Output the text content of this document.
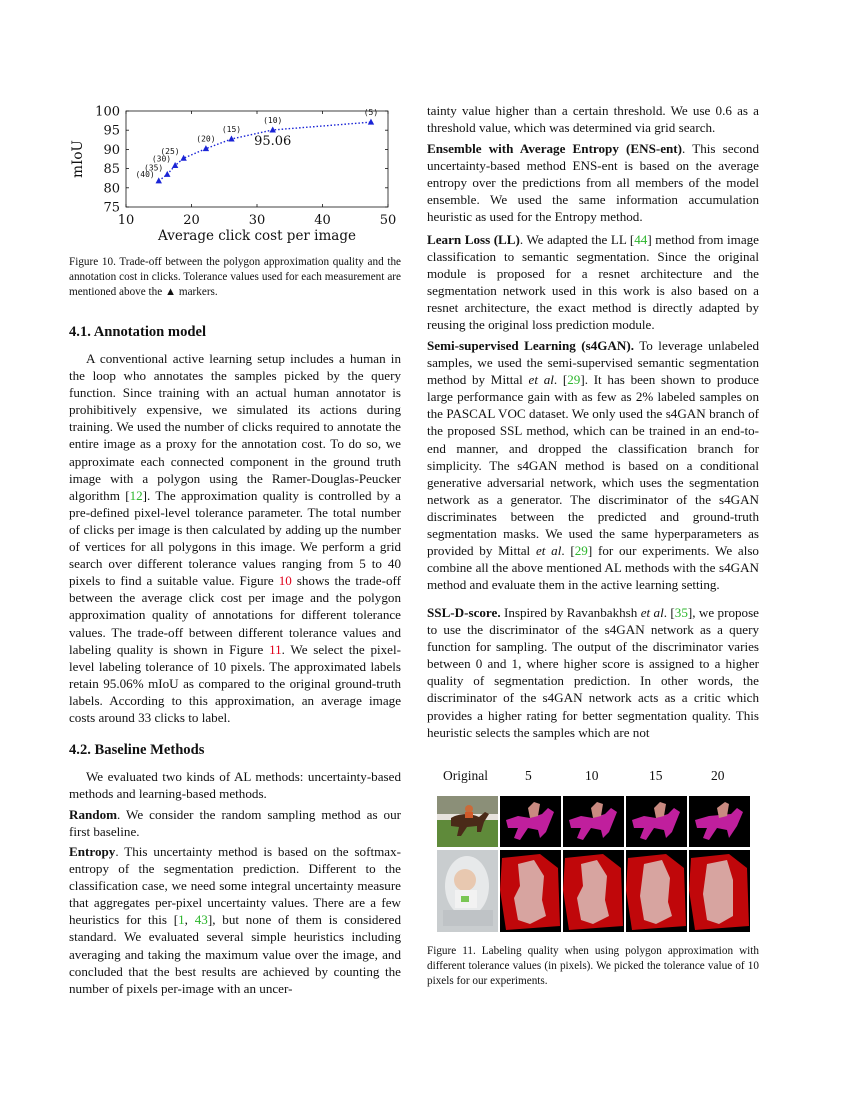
10	20	30	40	50
75
80
85
90
95
100
Average click cost per image
mIoU	(40)
(35)
(30)
(25)
(20)
(15)
(10)
(5)
95.06

Figure 10. Trade-off between the polygon approximation quality and the annotation cost in clicks. Tolerance values used for each measurement are mentioned above the ▲ markers.

4.1. Annotation model

A conventional active learning setup includes a human in the loop who annotates the samples picked by the query function. Since training with an actual human annotator is prohibitively expensive, we simulated its actions during training. We used the number of clicks required to annotate the entire image as a proxy for the annotation cost. To do so, we approximate each connected component in the ground truth image with a polygon using the Ramer-Douglas-Peucker algorithm [12]. The approximation quality is controlled by a pre-defined pixel-level tolerance parameter. The total number of clicks per image is then calculated by adding up the number of vertices for all polygons in this image. We perform a grid search over different tolerance values ranging from 5 to 40 pixels to find a suitable value. Figure 10 shows the trade-off between the average click cost per image and the polygon approximation quality of annotations for different tolerance values. The trade-off between different tolerance values and labeling quality is shown in Figure 11. We select the pixel-level labeling tolerance of 10 pixels. The approximated labels retain 95.06% mIoU as compared to the original ground-truth labels. According to this approximation, an average image costs around 33 clicks to label.

4.2. Baseline Methods

We evaluated two kinds of AL methods: uncertainty-based methods and learning-based methods.

Random. We consider the random sampling method as our first baseline.

Entropy. This uncertainty method is based on the softmax-entropy of the segmentation prediction. Different to the classification case, we need some integral uncertainty measure that aggregates per-pixel uncertainty values. There are a few heuristics for this [1, 43], but none of them is considered standard. We evaluated several simple heuristics including averaging and taking the maximum value over the image, and concluded that the best results are achieved by counting the number of pixels per-image with an uncer-

tainty value higher than a certain threshold. We use 0.6 as a threshold value, which was determined via grid search.

Ensemble with Average Entropy (ENS-ent). This second uncertainty-based method ENS-ent is based on the average entropy over the predictions from all members of the model ensemble. We used the same information accumulation heuristic as used for the Entropy method.

Learn Loss (LL). We adapted the LL [44] method from image classification to semantic segmentation. Since the original module is proposed for a resnet architecture and the segmentation network used in this work is also based on a resnet architecture, the exact method is directly adapted by reusing the original loss prediction module.

Semi-supervised Learning (s4GAN). To leverage unlabeled samples, we used the semi-supervised semantic segmentation method by Mittal et al. [29]. It has been shown to produce large performance gain with as few as 2% labeled samples on the PASCAL VOC dataset. We only used the s4GAN branch of the proposed SSL method, which can be trained in an end-to-end manner, and dropped the classification branch for simplicity. The s4GAN method is based on a conditional generative adversarial network, which uses the segmentation network as a generator. The discriminator of the s4GAN discriminates between the predicted and ground-truth segmentation masks. We used the same hyperparameters as provided by Mittal et al. [29] for our experiments. We also combine all the above mentioned AL methods with the s4GAN method and evaluate them in the active learning setting.

SSL-D-score. Inspired by Ravanbakhsh et al. [35], we propose to use the discriminator of the s4GAN network as a query function for sampling. The output of the discriminator varies between 0 and 1, where higher score is assigned to a higher quality of segmentation prediction. In other words, the discriminator of the s4GAN network acts as a critic which provides a higher rating for better segmentation quality. This heuristic selects the samples which are not

Original	5	10	15	20

Figure 11. Labeling quality when using polygon approximation with different tolerance values (in pixels). We picked the tolerance value of 10 pixels for our experiments.
